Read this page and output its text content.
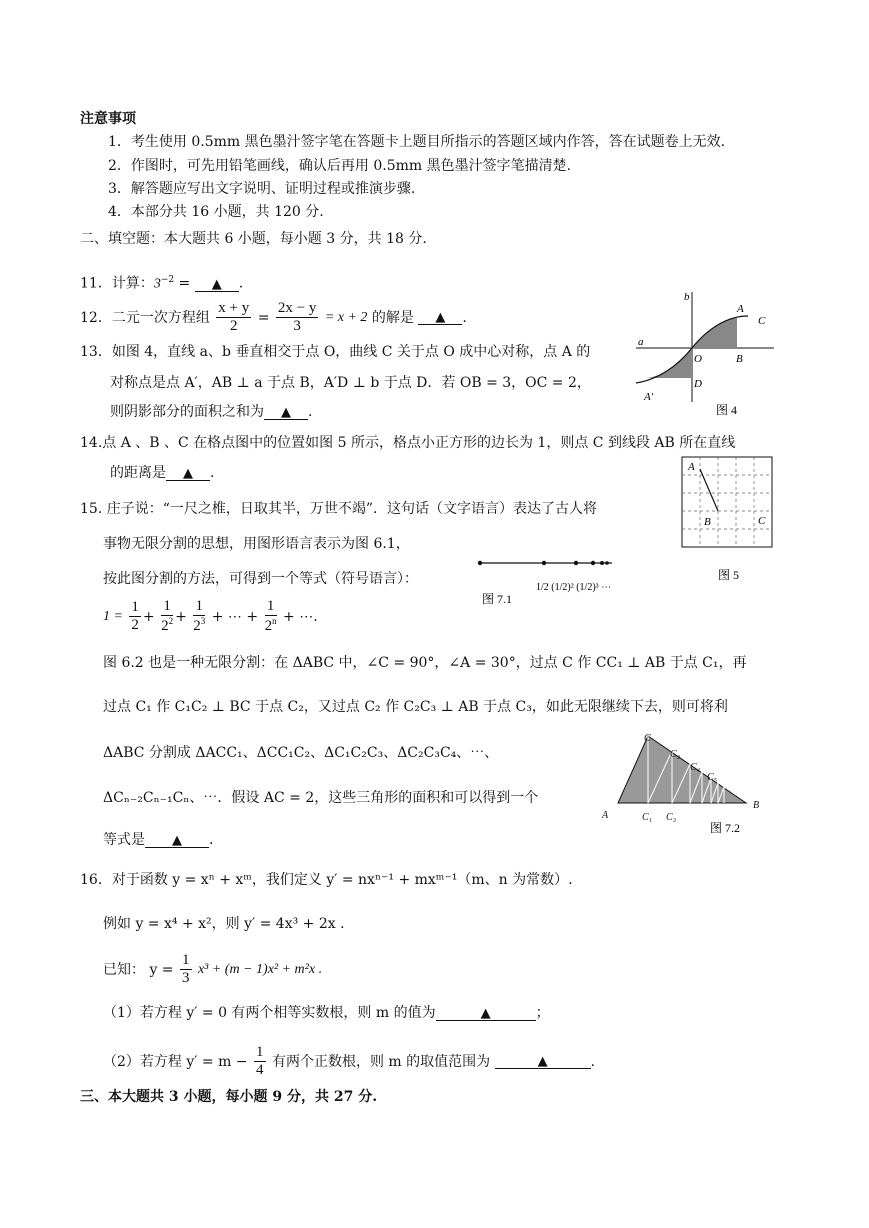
注意事项
1．考生使用 0.5mm 黑色墨汁签字笔在答题卡上题目所指示的答题区域内作答，答在试题卷上无效.
2．作图时，可先用铅笔画线，确认后再用 0.5mm 黑色墨汁签字笔描清楚.
3．解答题应写出文字说明、证明过程或推演步骤.
4．本部分共 16 小题，共 120 分.
二、填空题：本大题共 6 小题，每小题 3 分，共 18 分.
11．计算：$3^{-2}$ = ▲ .
12．二元一次方程组 $\frac{x + y}{2} = \frac{2x - y}{3} = x + 2$ 的解是 ▲ .
13．如图 4，直线 a、b 垂直相交于点 O，曲线 C 关于点 O 成中心对称，点 A 的
对称点是点 A′，AB ⊥ a 于点 B，A′D ⊥ b 于点 D．若 OB = 3，OC = 2，
则阴影部分的面积之和为 ▲ .
a
b
A
C
O	B
D
A′
图 4
14.点 A 、B 、C 在格点图中的位置如图 5 所示，格点小正方形的边长为 1，则点 C 到线段 AB 所在直线
的距离是 ▲ .	A
B	C
图 5
15. 庄子说：“一尺之椎，日取其半，万世不竭”．这句话（文字语言）表达了古人将
事物无限分割的思想，用图形语言表示为图 6.1，
按此图分割的方法，可得到一个等式（符号语言）：
图 7.1
1/2 (1/2)² (1/2)³ ⋯
$1 = \frac{1}{2} + \frac{1}{2^2} + \frac{1}{2^3}$ + ⋯ + $\frac{1}{2^n}$ + ⋯.
图 6.2 也是一种无限分割：在 ΔABC 中，∠C = 90°，∠A = 30°，过点 C 作 CC₁ ⊥ AB 于点 C₁，再
过点 C₁ 作 C₁C₂ ⊥ BC 于点 C₂，又过点 C₂ 作 C₂C₃ ⊥ AB 于点 C₃，如此无限继续下去，则可将利
ΔABC 分割成 ΔACC₁、ΔCC₁C₂、ΔC₁C₂C₃、ΔC₂C₃C₄、⋯、
ΔCₙ₋₂Cₙ₋₁Cₙ、⋯．假设 AC = 2，这些三角形的面积和可以得到一个
等式是 ▲ .
C
A
B
C₁
C₂
C₃
C₄
C₅
图 7.2
16．对于函数 y = xⁿ + xᵐ，我们定义 y′ = nxⁿ⁻¹ + mxᵐ⁻¹（m、n 为常数）.
例如 y = x⁴ + x²，则 y′ = 4x³ + 2x .
已知： $y = \frac{1}{3} x^3 + (m - 1)x^2 + m^2x$ .
（1）若方程 y′ = 0 有两个相等实数根，则 m 的值为	▲	；
（2）若方程 $y' = m - \frac{1}{4}$ 有两个正数根，则 m 的取值范围为	▲	.
三、本大题共 3 小题，每小题 9 分，共 27 分.
